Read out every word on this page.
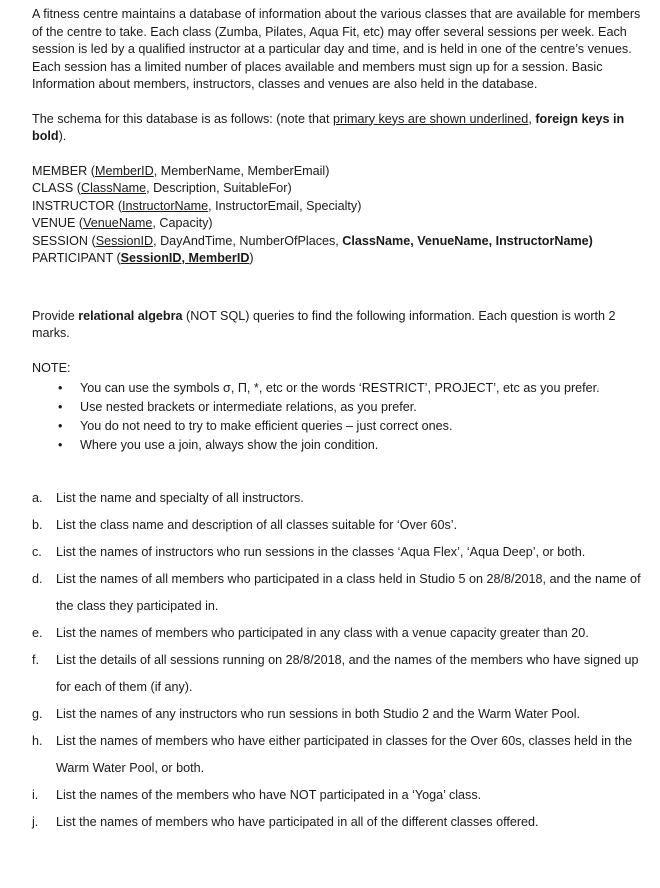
A fitness centre maintains a database of information about the various classes that are available for members of the centre to take. Each class (Zumba, Pilates, Aqua Fit, etc) may offer several sessions per week. Each session is led by a qualified instructor at a particular day and time, and is held in one of the centre’s venues. Each session has a limited number of places available and members must sign up for a session. Basic Information about members, instructors, classes and venues are also held in the database.

The schema for this database is as follows: (note that primary keys are shown underlined, foreign keys in bold).

MEMBER (MemberID, MemberName, MemberEmail)
CLASS (ClassName, Description, SuitableFor)
INSTRUCTOR (InstructorName, InstructorEmail, Specialty)
VENUE (VenueName, Capacity)
SESSION (SessionID, DayAndTime, NumberOfPlaces, ClassName, VenueName, InstructorName)
PARTICIPANT (SessionID, MemberID)

Provide relational algebra (NOT SQL) queries to find the following information. Each question is worth 2 marks.

NOTE:

• You can use the symbols σ, Π, *, etc or the words ‘RESTRICT’, PROJECT’, etc as you prefer.
• Use nested brackets or intermediate relations, as you prefer.
• You do not need to try to make efficient queries – just correct ones.
• Where you use a join, always show the join condition.
a. List the name and specialty of all instructors.
b. List the class name and description of all classes suitable for ‘Over 60s’.
c. List the names of instructors who run sessions in the classes ‘Aqua Flex’, ‘Aqua Deep’, or both.
d. List the names of all members who participated in a class held in Studio 5 on 28/8/2018, and the name of the class they participated in.
e. List the names of members who participated in any class with a venue capacity greater than 20.
f. List the details of all sessions running on 28/8/2018, and the names of the members who have signed up for each of them (if any).
g. List the names of any instructors who run sessions in both Studio 2 and the Warm Water Pool.
h. List the names of members who have either participated in classes for the Over 60s, classes held in the Warm Water Pool, or both.
i. List the names of the members who have NOT participated in a ‘Yoga’ class.
j. List the names of members who have participated in all of the different classes offered.
